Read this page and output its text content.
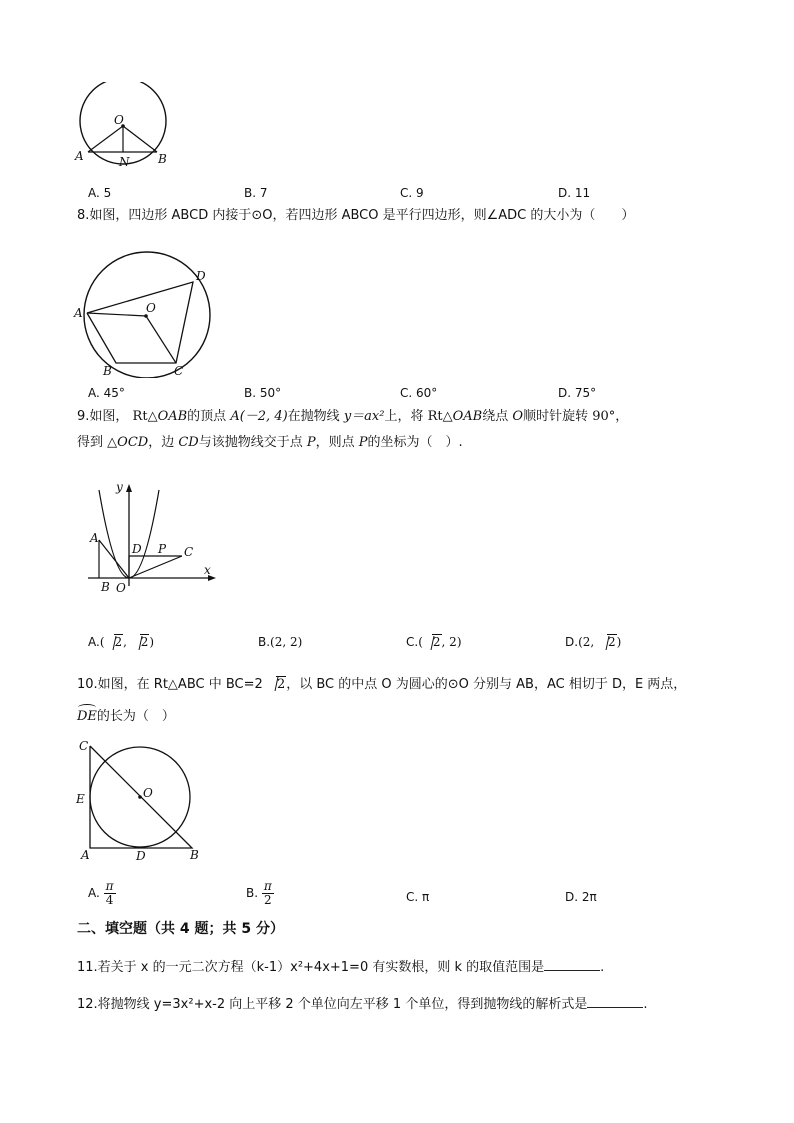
O
A	N B
A. 5	B. 7	C. 9	D. 11
8.如图，四边形 ABCD 内接于⊙O，若四边形 ABCO 是平行四边形，则∠ADC 的大小为（　　）
A
D
O
B	C
A. 45°	B. 50°	C. 60°	D. 75°
9.如图， Rt△OAB的顶点 A(－2, 4)在抛物线 y＝ax²上，将 Rt△OAB绕点 O顺时针旋转 90°，
得到 △OCD，边 CD与该抛物线交于点 P，则点 P的坐标为（　）.
y
x
A
B O
D P C
A.( 2, 2)	B.(2, 2)	C.( 2, 2)	D.(2, 2)
10.如图，在 Rt△ABC 中 BC=2 2，以 BC 的中点 O 为圆心的⊙O 分别与 AB，AC 相切于 D，E 两点，
DE的长为（　）
C
E	O
A	D	B
A. $\frac{\pi}{4}$	B. $\frac{\pi}{2}$	C. π	D. 2π
二、填空题（共 4 题；共 5 分）
11.若关于 x 的一元二次方程（k-1）x²+4x+1=0 有实数根，则 k 的取值范围是	.
12.将抛物线 y=3x²+x-2 向上平移 2 个单位向左平移 1 个单位，得到抛物线的解析式是	.
